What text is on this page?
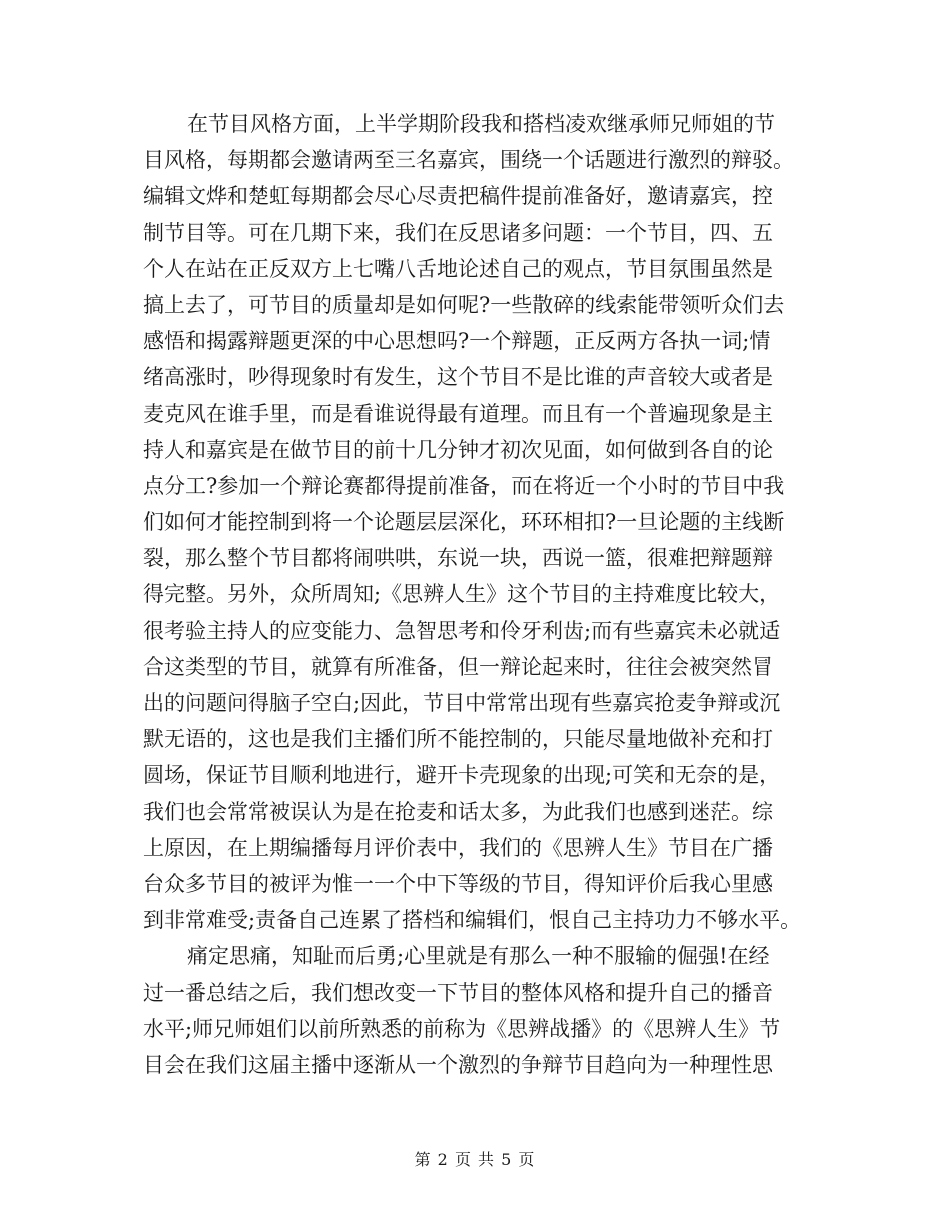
在节目风格方面，上半学期阶段我和搭档凌欢继承师兄师姐的节
目风格，每期都会邀请两至三名嘉宾，围绕一个话题进行激烈的辩驳。
编辑文烨和楚虹每期都会尽心尽责把稿件提前准备好，邀请嘉宾，控
制节目等。可在几期下来，我们在反思诸多问题：一个节目，四、五
个人在站在正反双方上七嘴八舌地论述自己的观点，节目氛围虽然是
搞上去了，可节目的质量却是如何呢?一些散碎的线索能带领听众们去
感悟和揭露辩题更深的中心思想吗?一个辩题，正反两方各执一词;情
绪高涨时，吵得现象时有发生，这个节目不是比谁的声音较大或者是
麦克风在谁手里，而是看谁说得最有道理。而且有一个普遍现象是主
持人和嘉宾是在做节目的前十几分钟才初次见面，如何做到各自的论
点分工?参加一个辩论赛都得提前准备，而在将近一个小时的节目中我
们如何才能控制到将一个论题层层深化，环环相扣?一旦论题的主线断
裂，那么整个节目都将闹哄哄，东说一块，西说一篮，很难把辩题辩
得完整。另外，众所周知;《思辨人生》这个节目的主持难度比较大，
很考验主持人的应变能力、急智思考和伶牙利齿;而有些嘉宾未必就适
合这类型的节目，就算有所准备，但一辩论起来时，往往会被突然冒
出的问题问得脑子空白;因此，节目中常常出现有些嘉宾抢麦争辩或沉
默无语的，这也是我们主播们所不能控制的，只能尽量地做补充和打
圆场，保证节目顺利地进行，避开卡壳现象的出现;可笑和无奈的是，
我们也会常常被误认为是在抢麦和话太多，为此我们也感到迷茫。综
上原因，在上期编播每月评价表中，我们的《思辨人生》节目在广播
台众多节目的被评为惟一一个中下等级的节目，得知评价后我心里感
到非常难受;责备自己连累了搭档和编辑们，恨自己主持功力不够水平。
痛定思痛，知耻而后勇;心里就是有那么一种不服输的倔强!在经
过一番总结之后，我们想改变一下节目的整体风格和提升自己的播音
水平;师兄师姐们以前所熟悉的前称为《思辨战播》的《思辨人生》节
目会在我们这届主播中逐渐从一个激烈的争辩节目趋向为一种理性思
第 2 页 共 5 页
